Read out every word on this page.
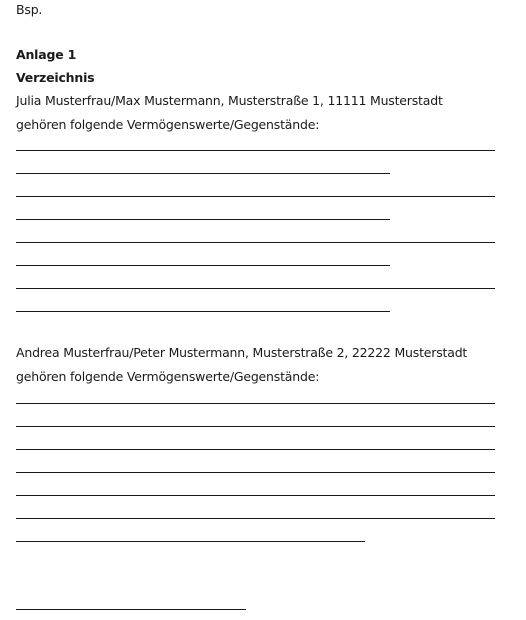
Bsp.
Anlage 1
Verzeichnis
Julia Musterfrau/Max Mustermann, Musterstraße 1, 11111 Musterstadt
gehören folgende Vermögenswerte/Gegenstände:
Andrea Musterfrau/Peter Mustermann, Musterstraße 2, 22222 Musterstadt
gehören folgende Vermögenswerte/Gegenstände:
